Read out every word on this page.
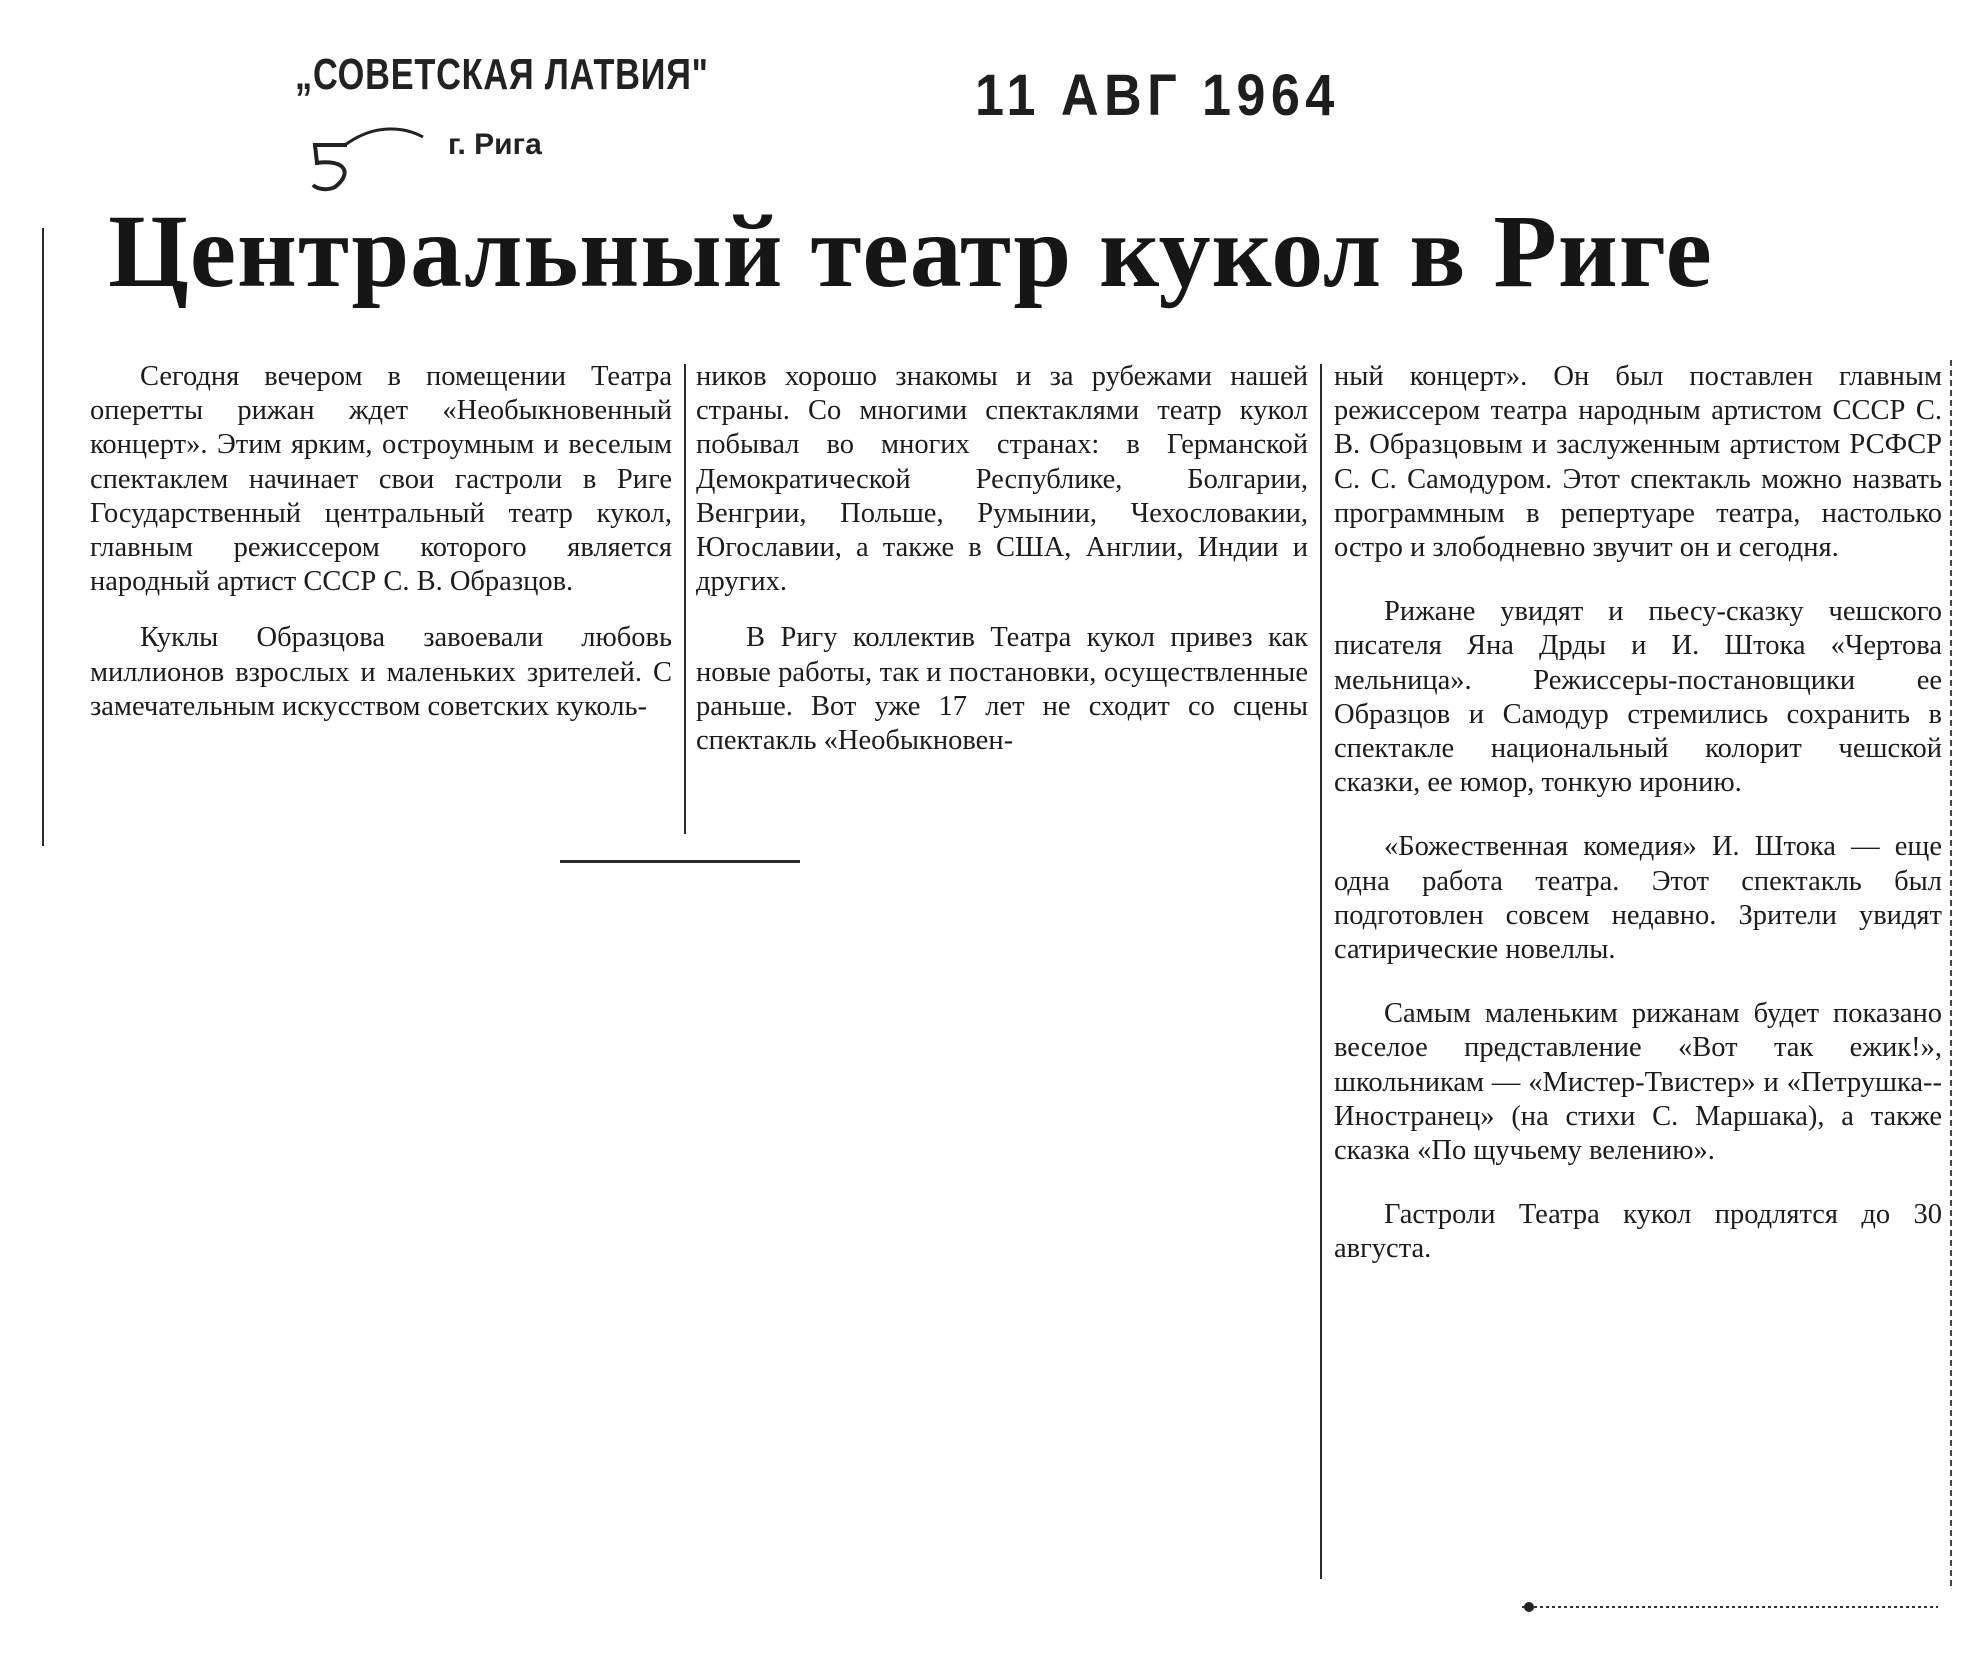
„СОВЕТСКАЯ ЛАТВИЯ"
г. Рига
11 АВГ 1964
Центральный театр кукол в Риге

Сегодня вечером в помещении Театра оперетты рижан ждет «Необыкновенный концерт». Этим ярким, остроумным и веселым спектаклем начинает свои гастроли в Риге Государственный центральный театр кукол, главным режиссером которого является народный артист СССР С. В. Образцов.

Куклы Образцова завоевали любовь миллионов взрослых и маленьких зрителей. С замечательным искусством советских куколь-

ников хорошо знакомы и за рубежами нашей страны. Со многими спектаклями театр кукол побывал во многих странах: в Германской Демократической Республике, Болгарии, Венгрии, Польше, Румынии, Чехословакии, Югославии, а также в США, Англии, Индии и других.

В Ригу коллектив Театра кукол привез как новые работы, так и постановки, осуществленные раньше. Вот уже 17 лет не сходит со сцены спектакль «Необыкновен-

ный концерт». Он был поставлен главным режиссером театра народным артистом СССР С. В. Образцовым и заслуженным артистом РСФСР С. С. Самодуром. Этот спектакль можно назвать программным в репертуаре театра, настолько остро и злободневно звучит он и сегодня.

Рижане увидят и пьесу-сказку чешского писателя Яна Дрды и И. Штока «Чертова мельница». Режиссеры-постановщики ее Образцов и Самодур стремились сохранить в спектакле национальный колорит чешской сказки, ее юмор, тонкую иронию.

«Божественная комедия» И. Штока — еще одна работа театра. Этот спектакль был подготовлен совсем недавно. Зрители увидят сатирические новеллы.

Самым маленьким рижанам будет показано веселое представление «Вот так ежик!», школьникам — «Мистер-Твистер» и «Петрушка--Иностранец» (на стихи С. Маршака), а также сказка «По щучьему велению».

Гастроли Театра кукол продлятся до 30 августа.
